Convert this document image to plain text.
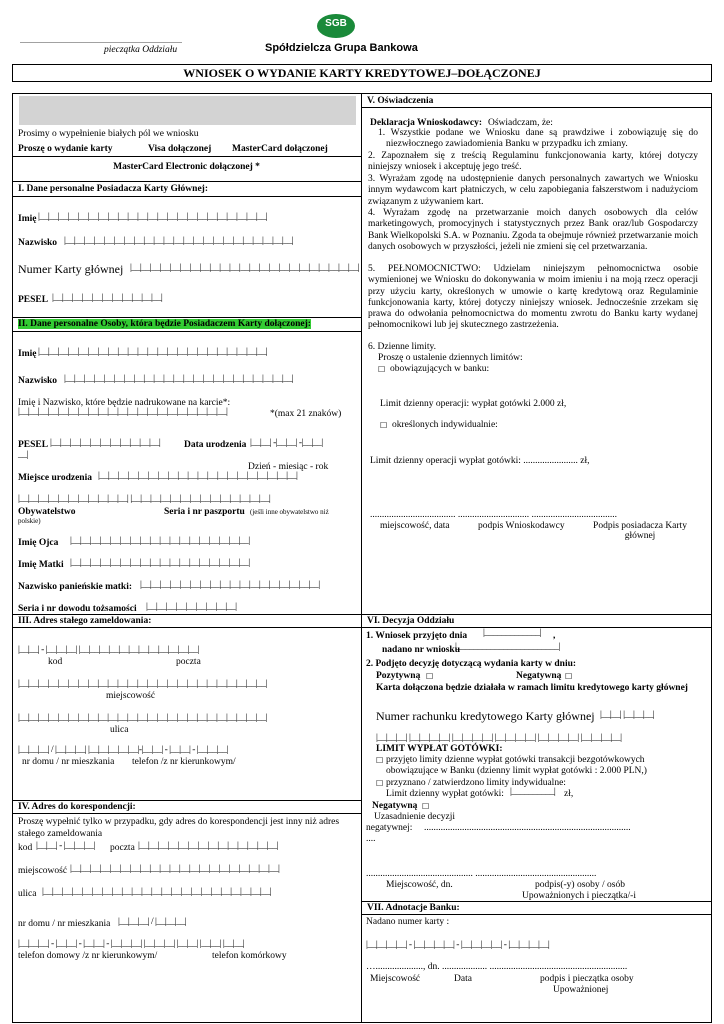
SGB
Spółdzielcza Grupa Bankowa
.................................................................................
pieczątka Oddziału
WNIOSEK O WYDANIE KARTY KREDYTOWEJ–DOŁĄCZONEJ
Prosimy o wypełnienie białych pól we wniosku
Proszę o wydanie karty	Visa dołączonej MasterCard dołączonej
MasterCard Electronic dołączonej *
I. Dane personalne Posiadacza Karty Głównej:
Imię |__|__|__|__|__|__|__|__|__|__|__|__|__|__|__|__|__|__|__|__|__|__|__|
Nazwisko |__|__|__|__|__|__|__|__|__|__|__|__|__|__|__|__|__|__|__|__|__|__|__|
Numer Karty głównej |__|__|__|__|__|__|__|__|__|__|__|__|__|__|__|__|__|__|__|__|__|__|__|
PESEL |__|__|__|__|__|__|__|__|__|__|__|
II. Dane personalne Osoby, która będzie Posiadaczem Karty dołączonej:
Imię |__|__|__|__|__|__|__|__|__|__|__|__|__|__|__|__|__|__|__|__|__|__|__|
Nazwisko |__|__|__|__|__|__|__|__|__|__|__|__|__|__|__|__|__|__|__|__|__|__|__|
Imię i Nazwisko, które będzie nadrukowane na karcie*:
|__|__|__|__|__|__|__|__|__|__|__|__|__|__|__|__|__|__|__|__|__|	*(max 21 znaków)
PESEL |__|__|__|__|__|__|__|__|__|__|__| Data urodzenia |__|__| -|__|__| -|__|__|
__|
Dzień - miesiąc - rok
Miejsce urodzenia |__|__|__|__|__|__|__|__|__|__|__|__|__|__|__|__|__|__|__|__|
|__|__|__|__|__|__|__|__|__|__|__| |__|__|__|__|__|__|__|__|__|__|__|__|__|__|
Obywatelstwo	Seria i nr paszportu (jeśli inne obywatelstwo niż
polskie)
Imię Ojca |__|__|__|__|__|__|__|__|__|__|__|__|__|__|__|__|__|__|
Imię Matki |__|__|__|__|__|__|__|__|__|__|__|__|__|__|__|__|__|__|
Nazwisko panieńskie matki: |__|__|__|__|__|__|__|__|__|__|__|__|__|__|__|__|__|__|
Seria i nr dowodu tożsamości |__|__|__|__|__|__|__|__|__|
III. Adres stałego zameldowania:
|__|__| - |__|__|__| |__|__|__|__|__|__|__|__|__|__|__|__|
kod	poczta
|__|__|__|__|__|__|__|__|__|__|__|__|__|__|__|__|__|__|__|__|__|__|__|__|__|
miejscowość
|__|__|__|__|__|__|__|__|__|__|__|__|__|__|__|__|__|__|__|__|__|__|__|__|__|
ulica
|__|__|__| / |__|__|__| |__|__|__|__|__|-|__|__| - |__|__| - |__|__|__|
nr domu / nr mieszkania telefon /z nr kierunkowym/
IV. Adres do korespondencji:
Proszę wypełnić tylko w przypadku, gdy adres do korespondencji jest inny niż adres stałego zameldowania
kod |__|__| - |__|__|__| poczta |__|__|__|__|__|__|__|__|__|__|__|__|__|__|
miejscowość |__|__|__|__|__|__|__|__|__|__|__|__|__|__|__|__|__|__|__|__|__|
ulica |__|__|__|__|__|__|__|__|__|__|__|__|__|__|__|__|__|__|__|__|__|__|__|
nr domu / nr mieszkania |__|__|__| / |__|__|__|
|__|__|__| - |__|__| - |__|__| - |__|__|__| |__|__|__| |__|__| |__|__| |__|__|
telefon domowy /z nr kierunkowym/	telefon komórkowy
V. Oświadczenia
Deklaracja Wnioskodawcy: Oświadczam, że:
1. Wszystkie podane we Wniosku dane są prawdziwe i zobowiązuję się do niezwłocznego zawiadomienia Banku w przypadku ich zmiany.
2. Zapoznałem się z treścią Regulaminu funkcjonowania karty, której dotyczy niniejszy wniosek i akceptuję jego treść.
3. Wyrażam zgodę na udostępnienie danych personalnych zawartych we Wniosku innym wydawcom kart płatniczych, w celu zapobiegania fałszerstwom i nadużyciom związanym z używaniem kart.
4. Wyrażam zgodę na przetwarzanie moich danych osobowych dla celów marketingowych, promocyjnych i statystycznych przez Bank oraz/lub Gospodarczy Bank Wielkopolski S.A. w Poznaniu. Zgoda ta obejmuje również przetwarzanie moich danych osobowych w przyszłości, jeżeli nie zmieni się cel przetwarzania.
5. PEŁNOMOCNICTWO: Udzielam niniejszym pełnomocnictwa osobie wymienionej we Wniosku do dokonywania w moim imieniu i na moją rzecz operacji przy użyciu karty, określonych w umowie o kartę kredytową oraz Regulaminie funkcjonowania karty, której dotyczy niniejszy wniosek. Jednocześnie zrzekam się prawa do odwołania pełnomocnictwa do momentu zwrotu do Banku karty wydanej pełnomocnikowi lub jej skutecznego zastrzeżenia.
6. Dzienne limity.
Proszę o ustalenie dziennych limitów:
☐ obowiązujących w banku:
Limit dzienny operacji: wypłat gotówki 2.000 zł,
☐ określonych indywidualnie:
Limit dzienny operacji wypłat gotówki: ....................... zł,
.................................... .............................. ....................................
miejscowość, data	podpis Wnioskodawcy	Podpis posiadacza Karty główne​j
VI. Decyzja Oddziału
1. Wniosek przyjęto dnia |_____________| ,
nadano nr wniosku
|________________________|
2. Podjęto decyzję dotyczącą wydania karty w dniu:
Pozytywną ☐	Negatywną ☐
Karta dołączona będzie działała w ramach limitu kredytowego karty głównej
Numer rachunku kredytowego Karty głównej |__|__| |__|__|__|
|__|__|__| |__|__|__|__| |__|__|__|__| |__|__|__|__| |__|__|__|__| |__|__|__|__|
LIMIT WYPŁAT GOTÓWKI:
☐ przyjęto limity dzienne wypłat gotówki transakcji bezgotówkowych obowiązujące w Banku (dzienny limit wypłat gotówki : 2.000 PLN,)
☐ przyznano / zatwierdzono limity indywidualne:
Limit dzienny wypłat gotówki: |__________| zł,
Negatywną ☐
Uzasadnienie decyzji
negatywnej: .......................................................................................
....
............................................. ...................................................
Miejscowość, dn.	podpis(-y) osoby / osób
Upoważnionych i pieczątka/-i
VII. Adnotacje Banku:
Nadano numer karty :
|__|__|__|__| - |__|__|__|__| - |__|__|__|__| - |__|__|__|__|
…...................., dn. ................... ..........................................................
Miejscowość	Data	podpis i pieczątka osoby
Upoważnionej
